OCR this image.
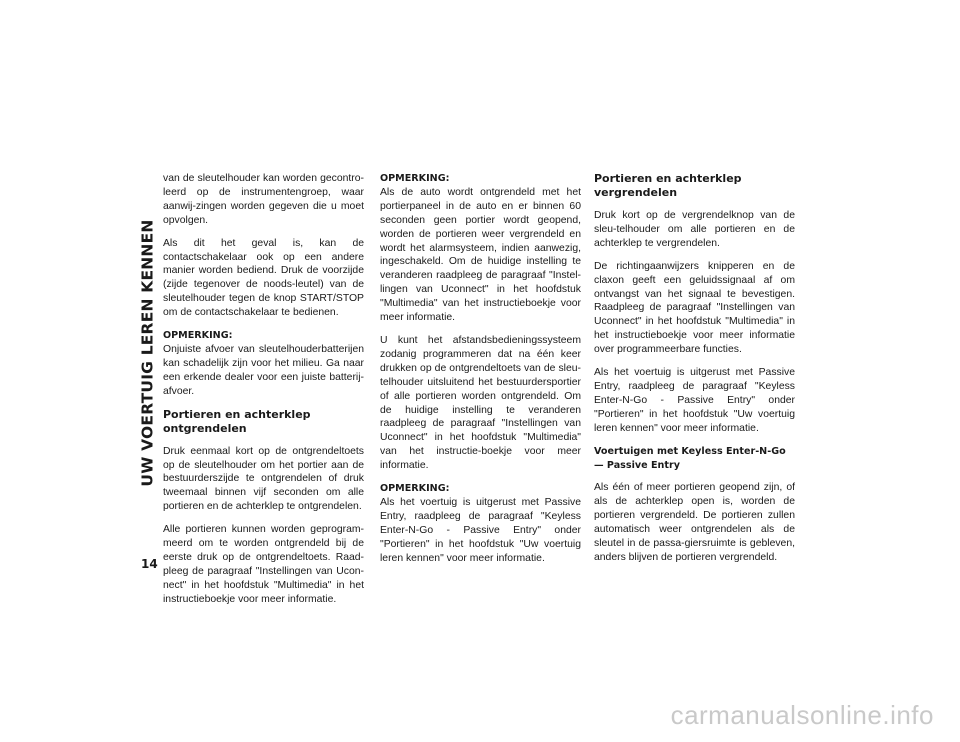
UW VOERTUIG LEREN KENNEN
14

van de sleutelhouder kan worden gecontro-leerd op de instrumentengroep, waar aanwij-zingen worden gegeven die u moet opvolgen.

Als dit het geval is, kan de contactschakelaar ook op een andere manier worden bediend. Druk de voorzijde (zijde tegenover de noods-leutel) van de sleutelhouder tegen de knop START/STOP om de contactschakelaar te bedienen.

OPMERKING:
Onjuiste afvoer van sleutelhouderbatterijen kan schadelijk zijn voor het milieu. Ga naar een erkende dealer voor een juiste batterij-afvoer.

Portieren en achterklep ontgrendelen

Druk eenmaal kort op de ontgrendeltoets op de sleutelhouder om het portier aan de bestuurderszijde te ontgrendelen of druk tweemaal binnen vijf seconden om alle portieren en de achterklep te ontgrendelen.

Alle portieren kunnen worden geprogram-meerd om te worden ontgrendeld bij de eerste druk op de ontgrendeltoets. Raad-pleeg de paragraaf "Instellingen van Ucon-nect" in het hoofdstuk "Multimedia" in het instructieboekje voor meer informatie.

OPMERKING:
Als de auto wordt ontgrendeld met het portierpaneel in de auto en er binnen 60 seconden geen portier wordt geopend, worden de portieren weer vergrendeld en wordt het alarmsysteem, indien aanwezig, ingeschakeld. Om de huidige instelling te veranderen raadpleeg de paragraaf "Instel-lingen van Uconnect" in het hoofdstuk "Multimedia" van het instructieboekje voor meer informatie.

U kunt het afstandsbedieningssysteem zodanig programmeren dat na één keer drukken op de ontgrendeltoets van de sleu-telhouder uitsluitend het bestuurdersportier of alle portieren worden ontgrendeld. Om de huidige instelling te veranderen raadpleeg de paragraaf "Instellingen van Uconnect" in het hoofdstuk "Multimedia" van het instructie-boekje voor meer informatie.

OPMERKING:
Als het voertuig is uitgerust met Passive Entry, raadpleeg de paragraaf "Keyless Enter-N-Go - Passive Entry" onder "Portieren" in het hoofdstuk "Uw voertuig leren kennen" voor meer informatie.

Portieren en achterklep vergrendelen

Druk kort op de vergrendelknop van de sleu-telhouder om alle portieren en de achterklep te vergrendelen.

De richtingaanwijzers knipperen en de claxon geeft een geluidssignaal af om ontvangst van het signaal te bevestigen. Raadpleeg de paragraaf "Instellingen van Uconnect" in het hoofdstuk "Multimedia" in het instructieboekje voor meer informatie over programmeerbare functies.

Als het voertuig is uitgerust met Passive Entry, raadpleeg de paragraaf "Keyless Enter-N-Go - Passive Entry" onder "Portieren" in het hoofdstuk "Uw voertuig leren kennen" voor meer informatie.

Voertuigen met Keyless Enter-N-Go — Passive Entry

Als één of meer portieren geopend zijn, of als de achterklep open is, worden de portieren vergrendeld. De portieren zullen automatisch weer ontgrendelen als de sleutel in de passa-giersruimte is gebleven, anders blijven de portieren vergrendeld.

carmanualsonline.info
